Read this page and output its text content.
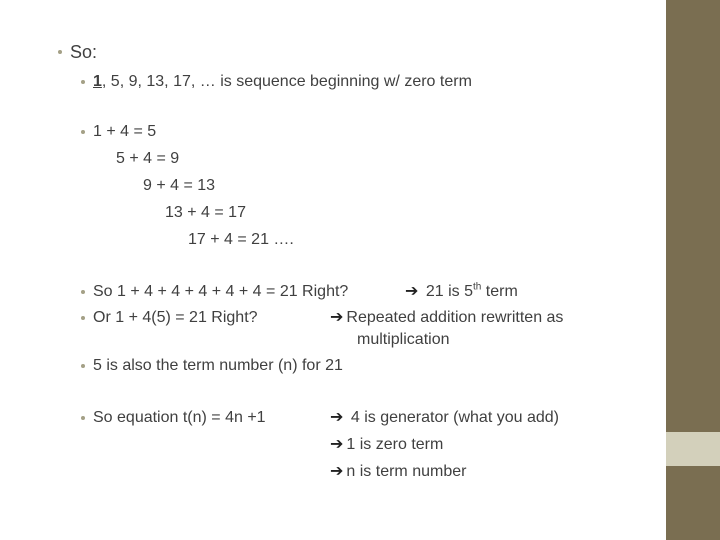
So:
1, 5, 9, 13, 17, … is sequence beginning w/ zero term
1 + 4 = 5
5 + 4 = 9
9 + 4 = 13
13 + 4 = 17
17 + 4 = 21 ….
So 1 + 4 + 4 + 4 + 4 + 4 = 21 Right?	➔ 21 is 5th term
Or 1 + 4(5) = 21 Right?	➔ Repeated addition rewritten as
multiplication
5 is also the term number (n) for 21
So equation t(n) = 4n +1	➔ 4 is generator (what you add)
➔ 1 is zero term
➔ n is term number
